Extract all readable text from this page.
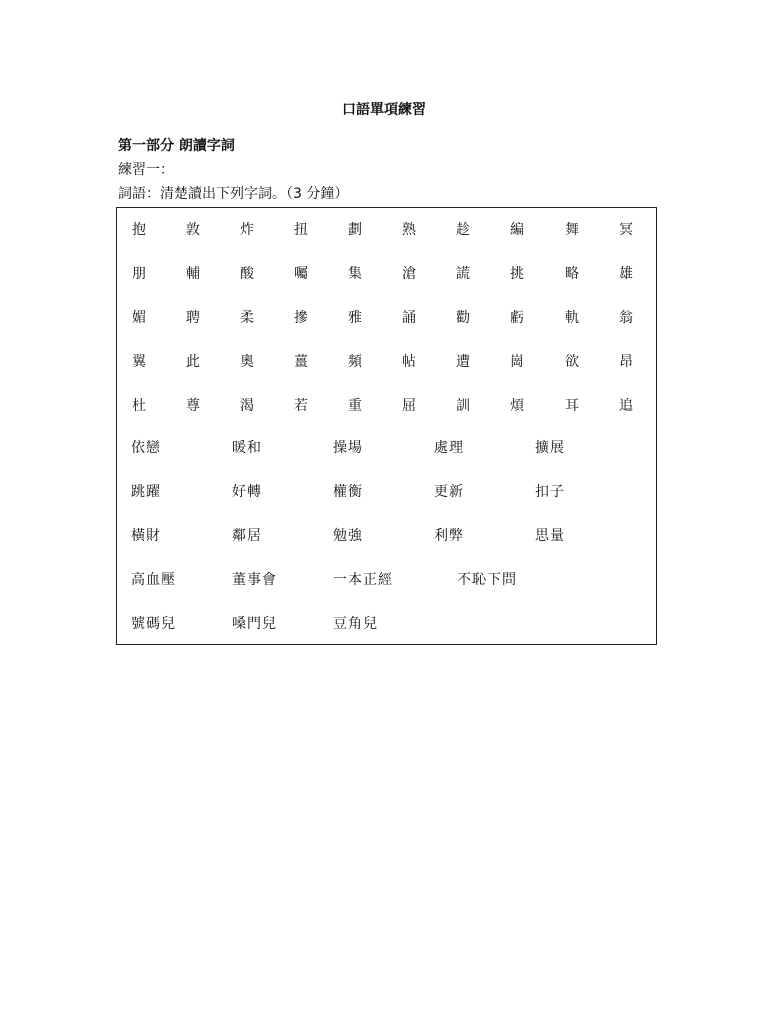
口語單項練習
第一部分 朗讀字詞
練習一：
詞語：清楚讀出下列字詞。（3 分鐘）
抱	敦	炸	扭	劃	熟	趁	編	舞	冥
朋	輔	酸	囑	集	滄	謊	挑	略	雄
媚	聘	柔	摻	雅	誦	勸	虧	軌	翁
翼	此	奧	薑	頻	帖	遭	崗	欲	昂
杜	尊	渴	若	重	屈	訓	煩	耳	追
依戀	暖和	操場	處理	擴展
跳躍	好轉	權衡	更新	扣子
橫財	鄰居	勉強	利弊	思量
高血壓	董事會	一本正經	不恥下問
號碼兒	嗓門兒	豆角兒
